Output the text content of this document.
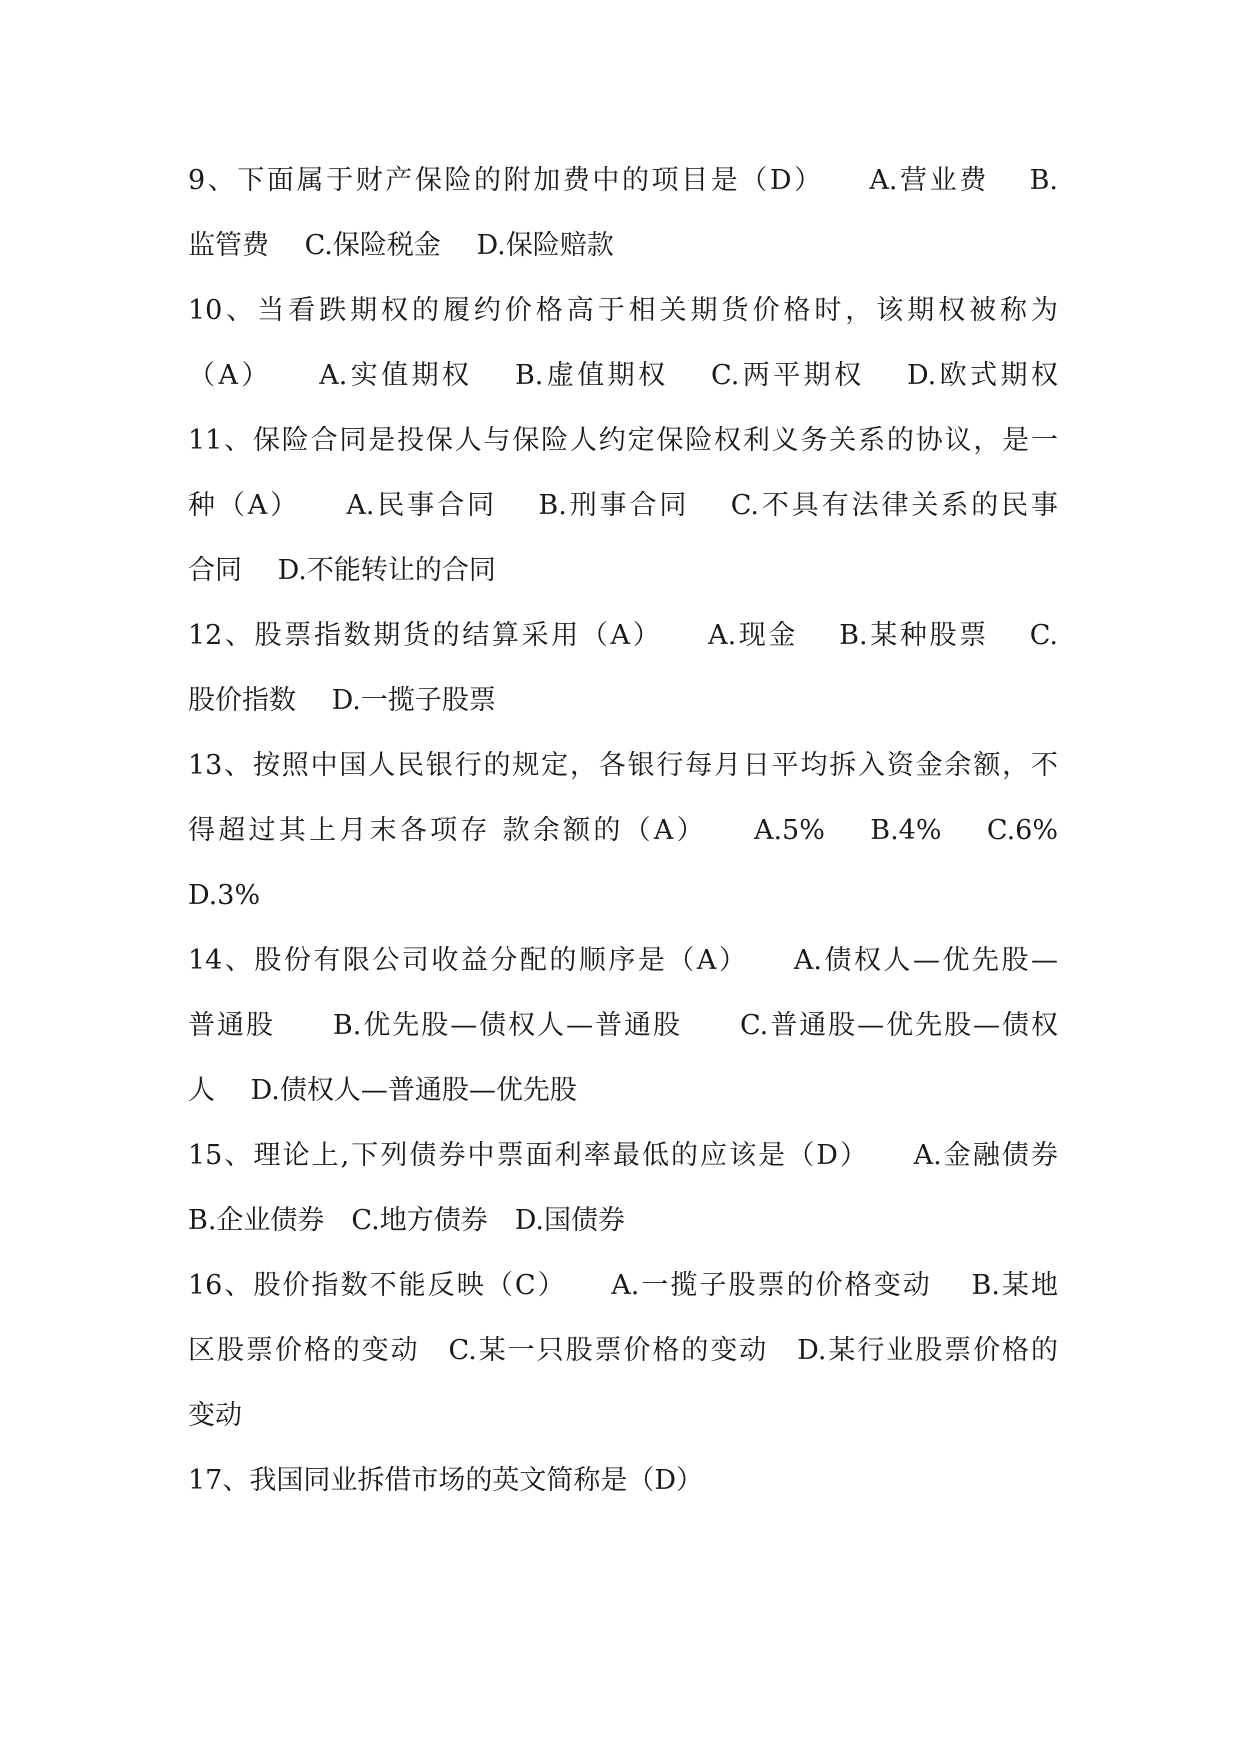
9、下面属于财产保险的附加费中的项目是（D）　　A.营业费　 B.
监管费　 C.保险税金　 D.保险赔款
10、当看跌期权的履约价格高于相关期货价格时，该期权被称为
（A）　　A.实值期权　 B.虚值期权　 C.两平期权　 D.欧式期权
11、保险合同是投保人与保险人约定保险权利义务关系的协议，是一
种（A）　　A.民事合同　 B.刑事合同　 C.不具有法律关系的民事
合同　 D.不能转让的合同
12、股票指数期货的结算采用（A）　　A.现金　 B.某种股票　 C.
股价指数　 D.一揽子股票
13、按照中国人民银行的规定，各银行每月日平均拆入资金余额，不
得超过其上月末各项存 款余额的（A）　　A.5%　 B.4%　 C.6%
D.3%
14、股份有限公司收益分配的顺序是（A）　　A.债权人—优先股—
普通股　　B.优先股—债权人—普通股　　C.普通股—优先股—债权
人　 D.债权人—普通股—优先股
15、理论上,下列债券中票面利率最低的应该是（D）　　A.金融债券
B.企业债券　C.地方债券　D.国债券
16、股价指数不能反映（C）　　A.一揽子股票的价格变动　 B.某地
区股票价格的变动　C.某一只股票价格的变动　D.某行业股票价格的
变动
17、我国同业拆借市场的英文简称是（D）
